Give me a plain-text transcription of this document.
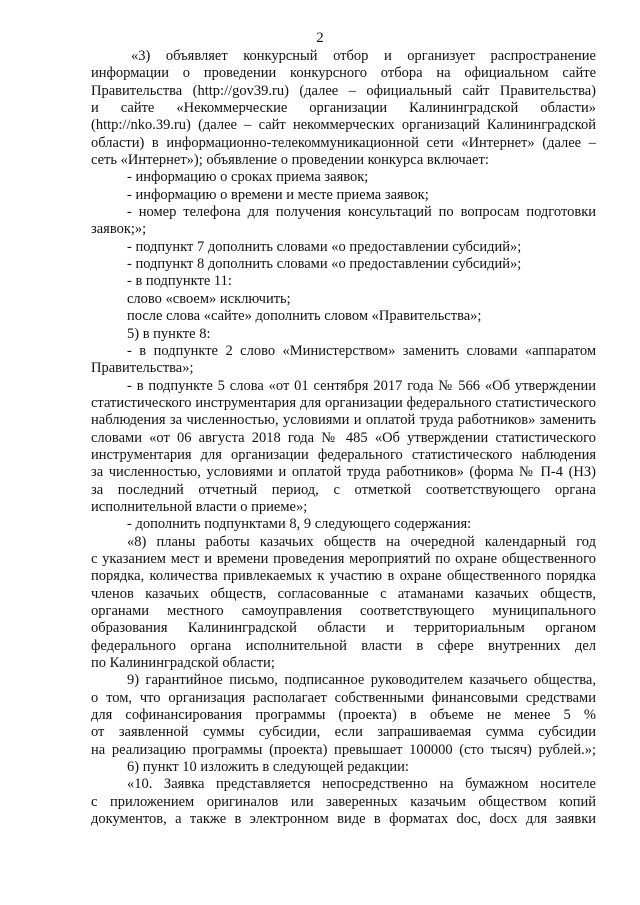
2
«3) объявляет конкурсный отбор и организует распространение
информации о проведении конкурсного отбора на официальном сайте
Правительства (http://gov39.ru) (далее – официальный сайт Правительства)
и сайте «Некоммерческие организации Калининградской области»
(http://nko.39.ru) (далее – сайт некоммерческих организаций Калининградской
области) в информационно-телекоммуникационной сети «Интернет» (далее –
сеть «Интернет»); объявление о проведении конкурса включает:
- информацию о сроках приема заявок;
- информацию о времени и месте приема заявок;
- номер телефона для получения консультаций по вопросам подготовки
заявок;»;
- подпункт 7 дополнить словами «о предоставлении субсидий»;
- подпункт 8 дополнить словами «о предоставлении субсидий»;
- в подпункте 11:
слово «своем» исключить;
после слова «сайте» дополнить словом «Правительства»;
5) в пункте 8:
- в подпункте 2 слово «Министерством» заменить словами «аппаратом
Правительства»;
- в подпункте 5 слова «от 01 сентября 2017 года № 566 «Об утверждении
статистического инструментария для организации федерального статистического
наблюдения за численностью, условиями и оплатой труда работников» заменить
словами «от 06 августа 2018 года № 485 «Об утверждении статистического
инструментария для организации федерального статистического наблюдения
за численностью, условиями и оплатой труда работников» (форма № П-4 (НЗ)
за последний отчетный период, с отметкой соответствующего органа
исполнительной власти о приеме»;
- дополнить подпунктами 8, 9 следующего содержания:
«8) планы работы казачьих обществ на очередной календарный год
с указанием мест и времени проведения мероприятий по охране общественного
порядка, количества привлекаемых к участию в охране общественного порядка
членов казачьих обществ, согласованные с атаманами казачьих обществ,
органами местного самоуправления соответствующего муниципального
образования Калининградской области и территориальным органом
федерального органа исполнительной власти в сфере внутренних дел
по Калининградской области;
9) гарантийное письмо, подписанное руководителем казачьего общества,
о том, что организация располагает собственными финансовыми средствами
для софинансирования программы (проекта) в объеме не менее 5 %
от заявленной суммы субсидии, если запрашиваемая сумма субсидии
на реализацию программы (проекта) превышает 100000 (сто тысяч) рублей.»;
6) пункт 10 изложить в следующей редакции:
«10. Заявка представляется непосредственно на бумажном носителе
с приложением оригиналов или заверенных казачьим обществом копий
документов, а также в электронном виде в форматах doc, docx для заявки
